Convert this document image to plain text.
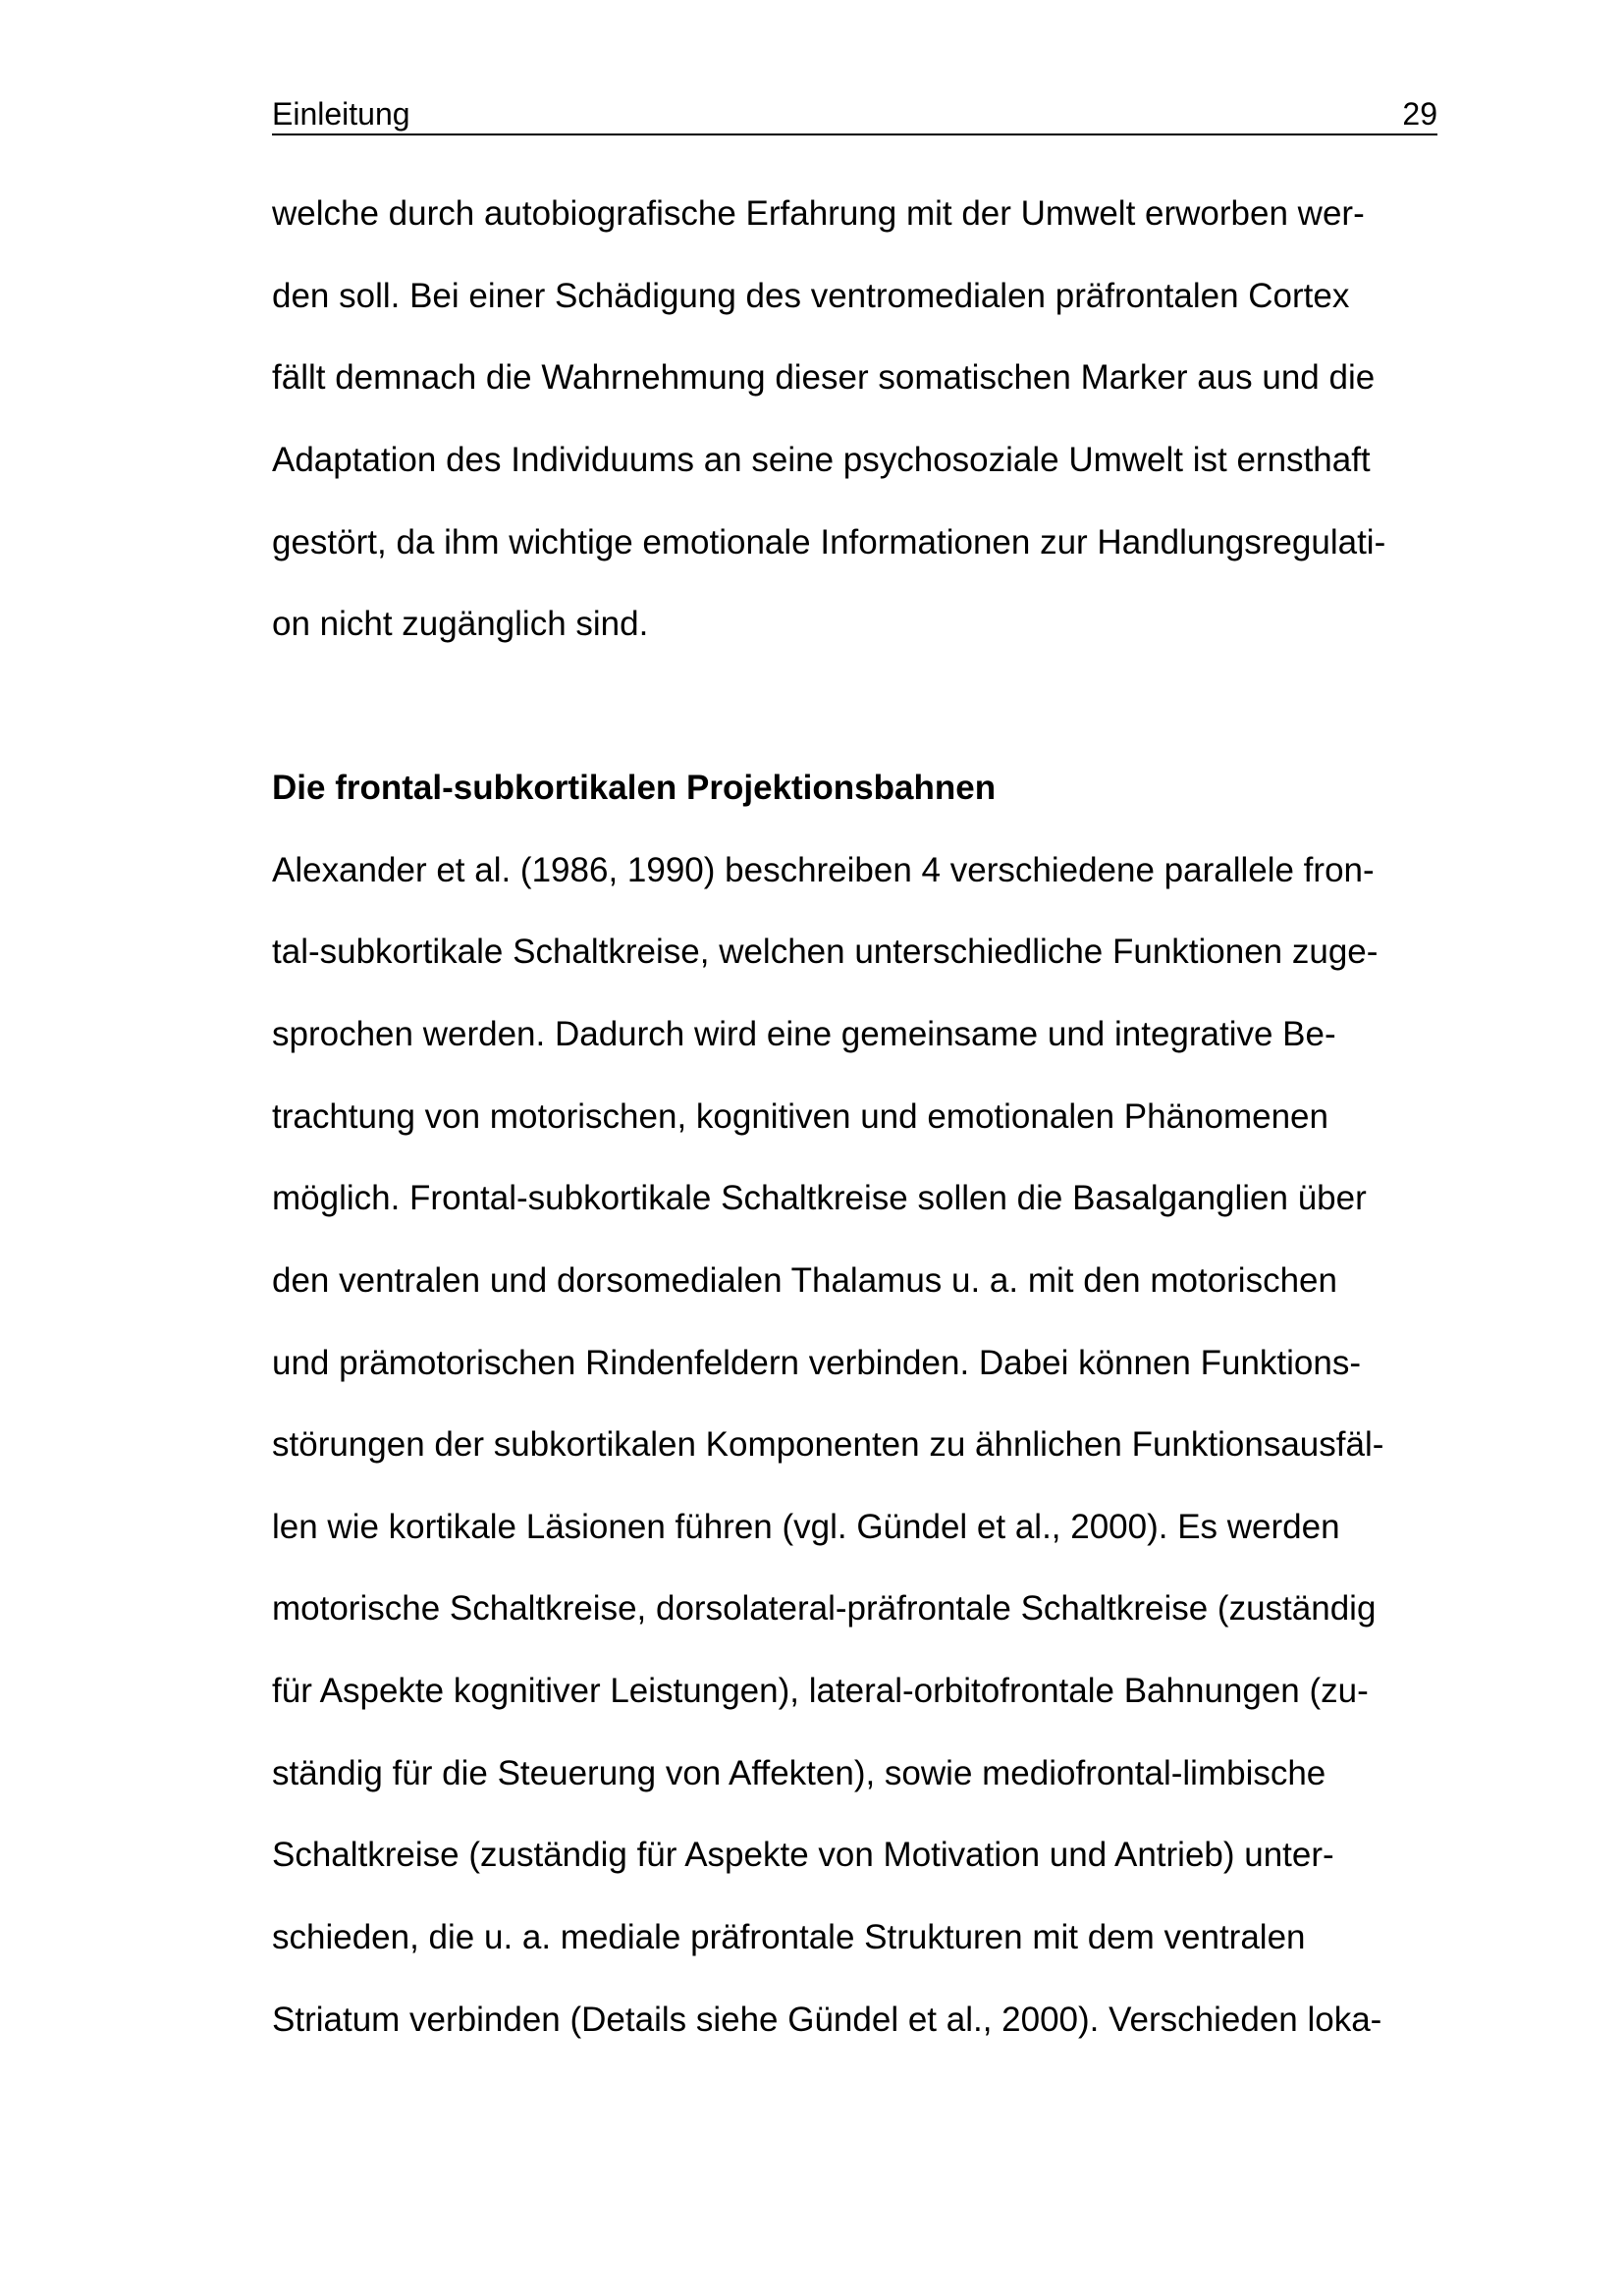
Einleitung	29
welche durch autobiografische Erfahrung mit der Umwelt erworben wer-
den soll. Bei einer Schädigung des ventromedialen präfrontalen Cortex
fällt demnach die Wahrnehmung dieser somatischen Marker aus und die
Adaptation des Individuums an seine psychosoziale Umwelt ist ernsthaft
gestört, da ihm wichtige emotionale Informationen zur Handlungsregulati-
on nicht zugänglich sind.
Die frontal-subkortikalen Projektionsbahnen
Alexander et al. (1986, 1990) beschreiben 4 verschiedene parallele fron-
tal-subkortikale Schaltkreise, welchen unterschiedliche Funktionen zuge-
sprochen werden. Dadurch wird eine gemeinsame und integrative Be-
trachtung von motorischen, kognitiven und emotionalen Phänomenen
möglich. Frontal-subkortikale Schaltkreise sollen die Basalganglien über
den ventralen und dorsomedialen Thalamus u. a. mit den motorischen
und prämotorischen Rindenfeldern verbinden. Dabei können Funktions-
störungen der subkortikalen Komponenten zu ähnlichen Funktionsausfäl-
len wie kortikale Läsionen führen (vgl. Gündel et al., 2000). Es werden
motorische Schaltkreise, dorsolateral-präfrontale Schaltkreise (zuständig
für Aspekte kognitiver Leistungen), lateral-orbitofrontale Bahnungen (zu-
ständig für die Steuerung von Affekten), sowie mediofrontal-limbische
Schaltkreise (zuständig für Aspekte von Motivation und Antrieb) unter-
schieden, die u. a. mediale präfrontale Strukturen mit dem ventralen
Striatum verbinden (Details siehe Gündel et al., 2000). Verschieden loka-
